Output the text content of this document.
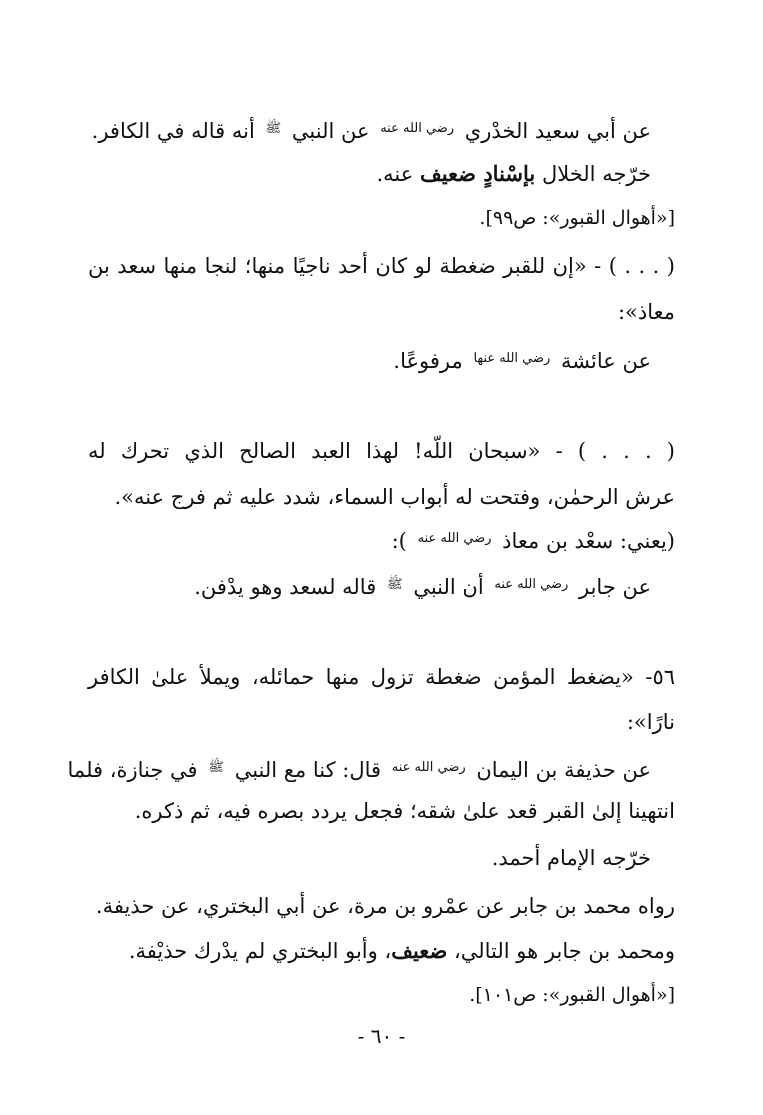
عن أبي سعيد الخدْري $^{رضي الله عنه}$ عن النبي $^ﷺ$ أنه قاله في الكافر.
خرّجه الخلال بإسْنادٍ ضعيف عنه.
[«أهوال القبور»: ص٩٩].
( . . . ) - «إن للقبر ضغطة لو كان أحد ناجيًا منها؛ لنجا منها سعد بن
معاذ»:
عن عائشة $^{رضي الله عنها}$ مرفوعًا.
( . . . ) - «سبحان اللّه! لهذا العبد الصالح الذي تحرك له
عرش الرحمٰن، وفتحت له أبواب السماء، شدد عليه ثم فرج عنه».
(يعني: سعْد بن معاذ $^{رضي الله عنه}$ ):
عن جابر $^{رضي الله عنه}$ أن النبي $^ﷺ$ قاله لسعد وهو يدْفن.
٥٦- «يضغط المؤمن ضغطة تزول منها حمائله، ويملأ علىٰ الكافر
نارًا»:
عن حذيفة بن اليمان $^{رضي الله عنه}$ قال: كنا مع النبي $^ﷺ$ في جنازة، فلما
انتهينا إلىٰ القبر قعد علىٰ شقه؛ فجعل يردد بصره فيه، ثم ذكره.
خرّجه الإمام أحمد.
رواه محمد بن جابر عن عمْرو بن مرة، عن أبي البختري، عن حذيفة.
ومحمد بن جابر هو التالي، ضعيف، وأبو البختري لم يدْرك حذيْفة.
[«أهوال القبور»: ص١٠١].
- ٦٠ -
